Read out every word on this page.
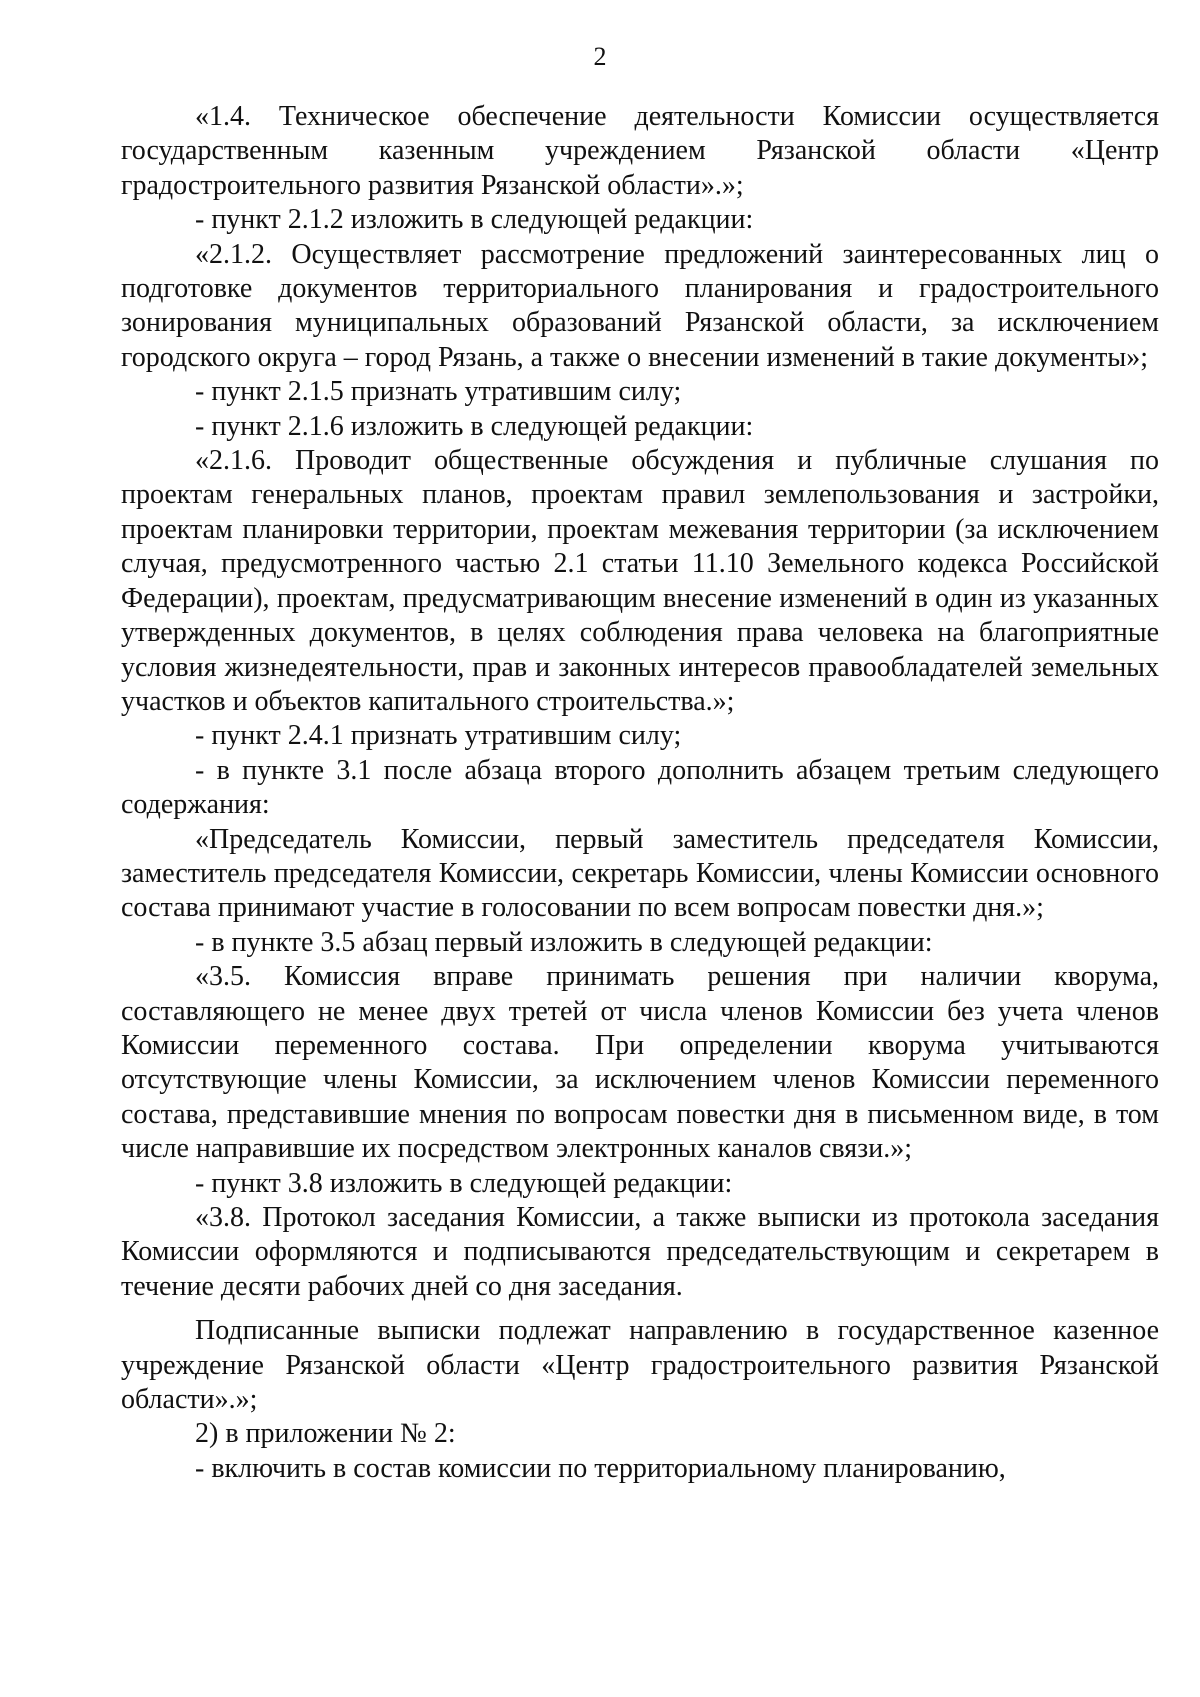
2

«1.4. Техническое обеспечение деятельности Комиссии осуществляется государственным казенным учреждением Рязанской области «Центр градостроительного развития Рязанской области».»;

- пункт 2.1.2 изложить в следующей редакции:

«2.1.2. Осуществляет рассмотрение предложений заинтересованных лиц о подготовке документов территориального планирования и градостроительного зонирования муниципальных образований Рязанской области, за исключением городского округа – город Рязань, а также о внесении изменений в такие документы»;

- пункт 2.1.5 признать утратившим силу;

- пункт 2.1.6 изложить в следующей редакции:

«2.1.6. Проводит общественные обсуждения и публичные слушания по проектам генеральных планов, проектам правил землепользования и застройки, проектам планировки территории, проектам межевания территории (за исключением случая, предусмотренного частью 2.1 статьи 11.10 Земельного кодекса Российской Федерации), проектам, предусматривающим внесение изменений в один из указанных утвержденных документов, в целях соблюдения права человека на благоприятные условия жизнедеятельности, прав и законных интересов правообладателей земельных участков и объектов капитального строительства.»;

- пункт 2.4.1 признать утратившим силу;

- в пункте 3.1 после абзаца второго дополнить абзацем третьим следующего содержания:

«Председатель Комиссии, первый заместитель председателя Комиссии, заместитель председателя Комиссии, секретарь Комиссии, члены Комиссии основного состава принимают участие в голосовании по всем вопросам повестки дня.»;

- в пункте 3.5 абзац первый изложить в следующей редакции:

«3.5. Комиссия вправе принимать решения при наличии кворума, составляющего не менее двух третей от числа членов Комиссии без учета членов Комиссии переменного состава. При определении кворума учитываются отсутствующие члены Комиссии, за исключением членов Комиссии переменного состава, представившие мнения по вопросам повестки дня в письменном виде, в том числе направившие их посредством электронных каналов связи.»;

- пункт 3.8 изложить в следующей редакции:

«3.8. Протокол заседания Комиссии, а также выписки из протокола заседания Комиссии оформляются и подписываются председательствующим и секретарем в течение десяти рабочих дней со дня заседания.

Подписанные выписки подлежат направлению в государственное казенное учреждение Рязанской области «Центр градостроительного развития Рязанской области».»;

2) в приложении № 2:

- включить в состав комиссии по территориальному планированию,
